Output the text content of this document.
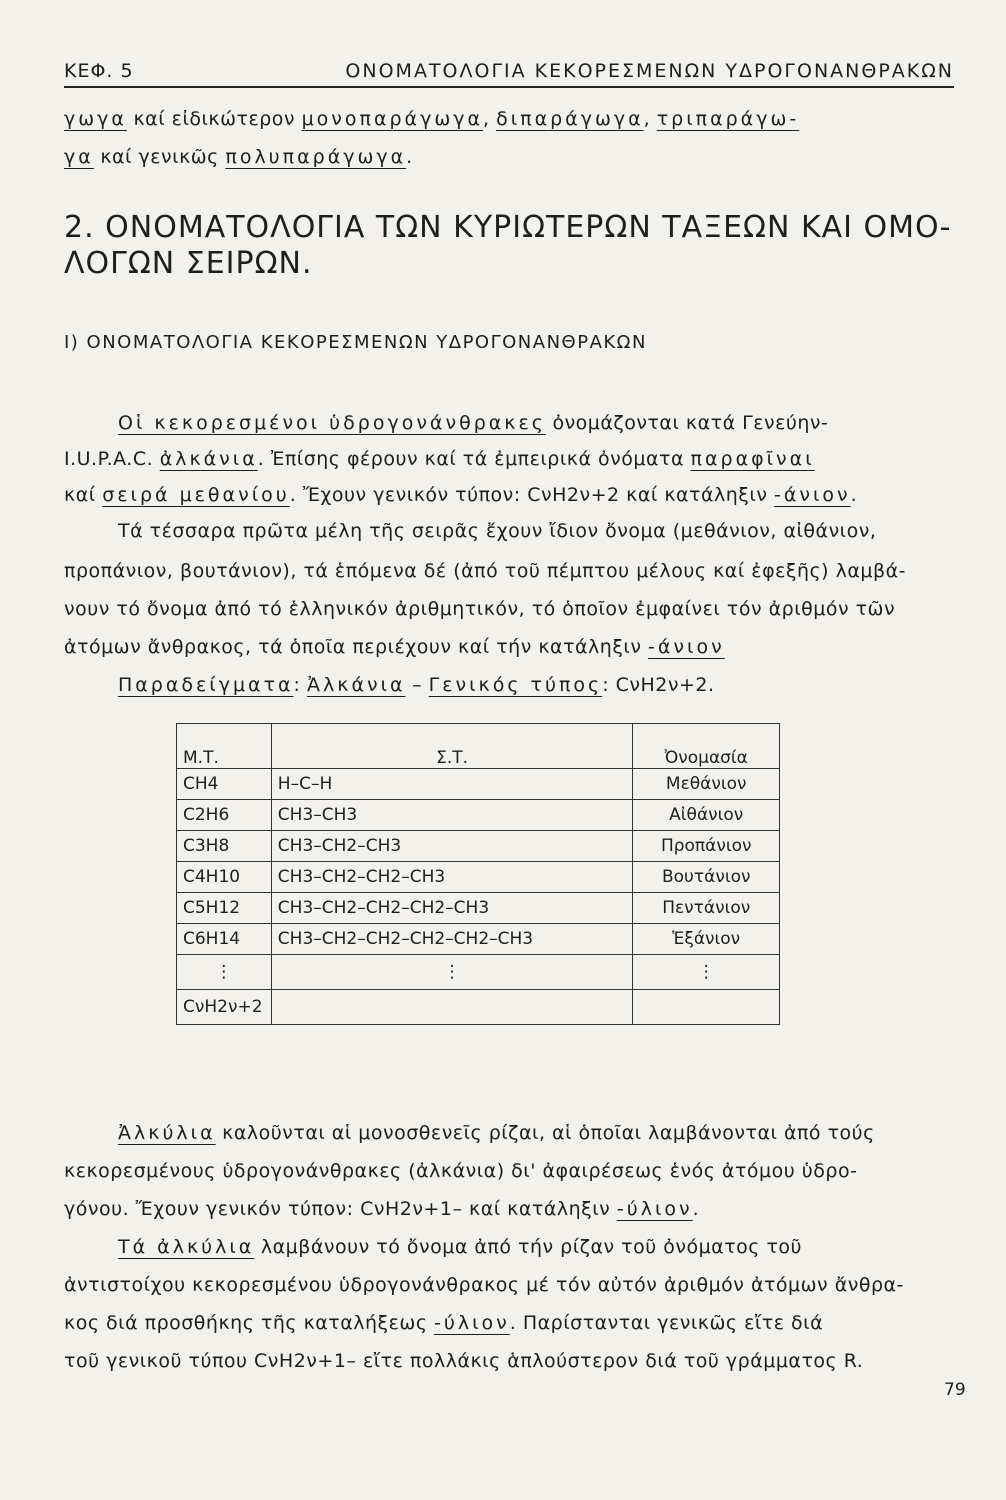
ΚΕΦ. 5	ΟΝΟΜΑΤΟΛΟΓΙΑ ΚΕΚΟΡΕΣΜΕΝΩΝ ΥΔΡΟΓΟΝΑΝΘΡΑΚΩΝ
γωγα καί εἰδικώτερον μονοπαράγωγα, διπαράγωγα, τριπαράγω-
γα καί γενικῶς πολυπαράγωγα.
2. ΟΝΟΜΑΤΟΛΟΓΙΑ ΤΩΝ ΚΥΡΙΩΤΕΡΩΝ ΤΑΞΕΩΝ ΚΑΙ ΟΜΟ-
ΛΟΓΩΝ ΣΕΙΡΩΝ.
I) ΟΝΟΜΑΤΟΛΟΓΙΑ ΚΕΚΟΡΕΣΜΕΝΩΝ ΥΔΡΟΓΟΝΑΝΘΡΑΚΩΝ
Οἱ κεκορεσμένοι ὑδρογονάνθρακες ὀνομάζονται κατά Γενεύην-
I.U.P.A.C. ἀλκάνια. Ἐπίσης φέρουν καί τά ἐμπειρικά ὀνόματα παραφῖναι
καί σειρά μεθανίου. Ἔχουν γενικόν τύπον: CνH2ν+2 καί κατάληξιν -άνιον.
Τά τέσσαρα πρῶτα μέλη τῆς σειρᾶς ἔχουν ἴδιον ὄνομα (μεθάνιον, αἰθάνιον,
προπάνιον, βουτάνιον), τά ἑπόμενα δέ (ἀπό τοῦ πέμπτου μέλους καί ἐφεξῆς) λαμβά-
νουν τό ὄνομα ἀπό τό ἑλληνικόν ἀριθμητικόν, τό ὁποῖον ἐμφαίνει τόν ἀριθμόν τῶν
ἀτόμων ἄνθρακος, τά ὁποῖα περιέχουν καί τήν κατάληξιν -άνιον
Παραδείγματα: Ἀλκάνια – Γενικός τύπος: CνH2ν+2.
Μ.Τ.	Σ.Τ.	Ὀνομασία
CH4	H–C–H	Μεθάνιον
C2H6	CH3–CH3	Αἰθάνιον
C3H8	CH3–CH2–CH3	Προπάνιον
C4H10	CH3–CH2–CH2–CH3	Βουτάνιον
C5H12	CH3–CH2–CH2–CH2–CH3	Πεντάνιον
C6H14	CH3–CH2–CH2–CH2–CH2–CH3	Ἑξάνιον
⋮	⋮	⋮
CνH2ν+2		
Ἀλκύλια καλοῦνται αἱ μονοσθενεῖς ρίζαι, αἱ ὁποῖαι λαμβάνονται ἀπό τούς
κεκορεσμένους ὑδρογονάνθρακες (ἀλκάνια) δι' ἀφαιρέσεως ἑνός ἀτόμου ὑδρο-
γόνου. Ἔχουν γενικόν τύπον: CνH2ν+1– καί κατάληξιν -ύλιον.
Τά ἀλκύλια λαμβάνουν τό ὄνομα ἀπό τήν ρίζαν τοῦ ὀνόματος τοῦ
ἀντιστοίχου κεκορεσμένου ὑδρογονάνθρακος μέ τόν αὐτόν ἀριθμόν ἀτόμων ἄνθρα-
κος διά προσθήκης τῆς καταλήξεως -ύλιον. Παρίστανται γενικῶς εἴτε διά
τοῦ γενικοῦ τύπου CνH2ν+1– εἴτε πολλάκις ἁπλούστερον διά τοῦ γράμματος R.
79
